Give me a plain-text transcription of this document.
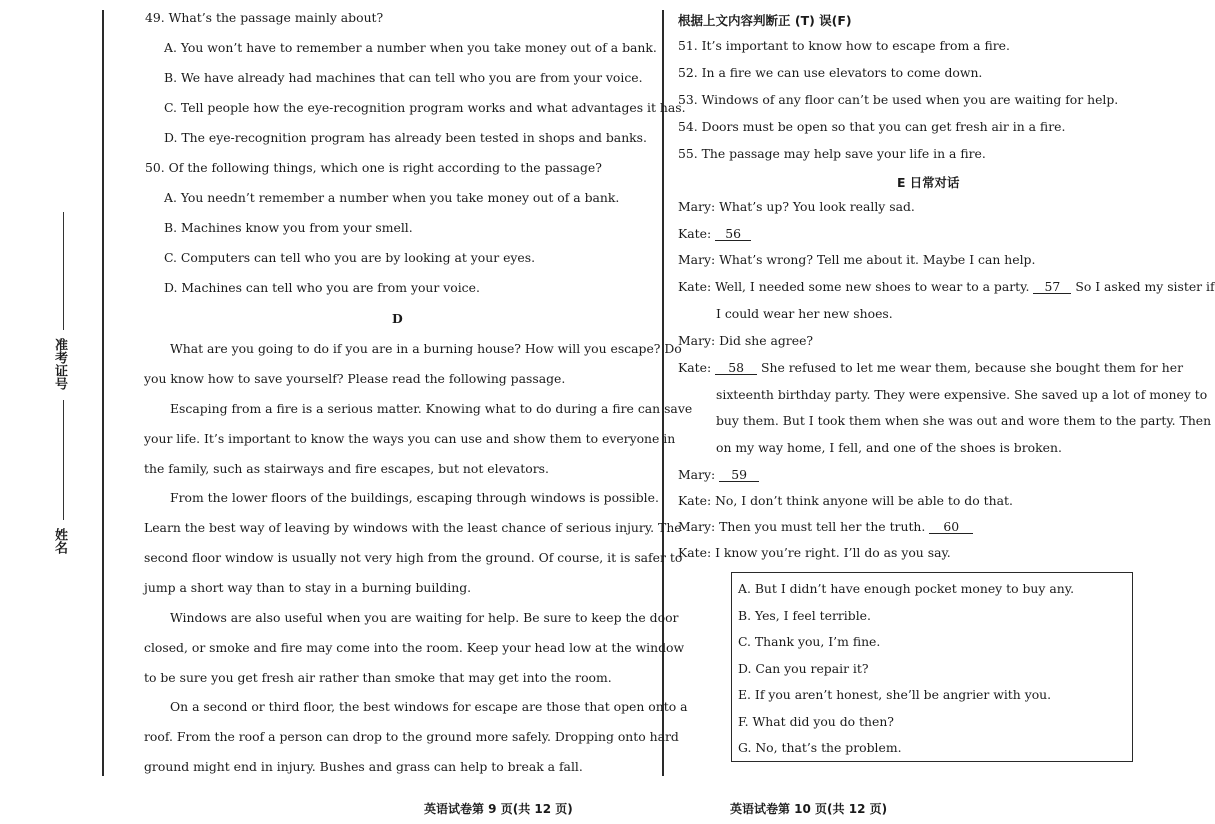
准考证号
姓名
49. What’s the passage mainly about?
A. You won’t have to remember a number when you take money out of a bank.
B. We have already had machines that can tell who you are from your voice.
C. Tell people how the eye-recognition program works and what advantages it has.
D. The eye-recognition program has already been tested in shops and banks.
50. Of the following things, which one is right according to the passage?
A. You needn’t remember a number when you take money out of a bank.
B. Machines know you from your smell.
C. Computers can tell who you are by looking at your eyes.
D. Machines can tell who you are from your voice.
D
What are you going to do if you are in a burning house? How will you escape? Do
you know how to save yourself? Please read the following passage.
Escaping from a fire is a serious matter. Knowing what to do during a fire can save
your life. It’s important to know the ways you can use and show them to everyone in
the family, such as stairways and fire escapes, but not elevators.
From the lower floors of the buildings, escaping through windows is possible.
Learn the best way of leaving by windows with the least chance of serious injury. The
second floor window is usually not very high from the ground. Of course, it is safer to
jump a short way than to stay in a burning building.
Windows are also useful when you are waiting for help. Be sure to keep the door
closed, or smoke and fire may come into the room. Keep your head low at the window
to be sure you get fresh air rather than smoke that may get into the room.
On a second or third floor, the best windows for escape are those that open onto a
roof. From the roof a person can drop to the ground more safely. Dropping onto hard
ground might end in injury. Bushes and grass can help to break a fall.
根据上文内容判断正 (T) 误(F)
51. It’s important to know how to escape from a fire.
52. In a fire we can use elevators to come down.
53. Windows of any floor can’t be used when you are waiting for help.
54. Doors must be open so that you can get fresh air in a fire.
55. The passage may help save your life in a fire.
E 日常对话
Mary: What’s up? You look really sad.
Kate: 56
Mary: What’s wrong? Tell me about it. Maybe I can help.
Kate: Well, I needed some new shoes to wear to a party. 57 So I asked my sister if
I could wear her new shoes.
Mary: Did she agree?
Kate: 58 She refused to let me wear them, because she bought them for her
sixteenth birthday party. They were expensive. She saved up a lot of money to
buy them. But I took them when she was out and wore them to the party. Then
on my way home, I fell, and one of the shoes is broken.
Mary: 59
Kate: No, I don’t think anyone will be able to do that.
Mary: Then you must tell her the truth. 60
Kate: I know you’re right. I’ll do as you say.
A. But I didn’t have enough pocket money to buy any.
B. Yes, I feel terrible.
C. Thank you, I’m fine.
D. Can you repair it?
E. If you aren’t honest, she’ll be angrier with you.
F. What did you do then?
G. No, that’s the problem.
英语试卷第 9 页(共 12 页)	英语试卷第 10 页(共 12 页)
